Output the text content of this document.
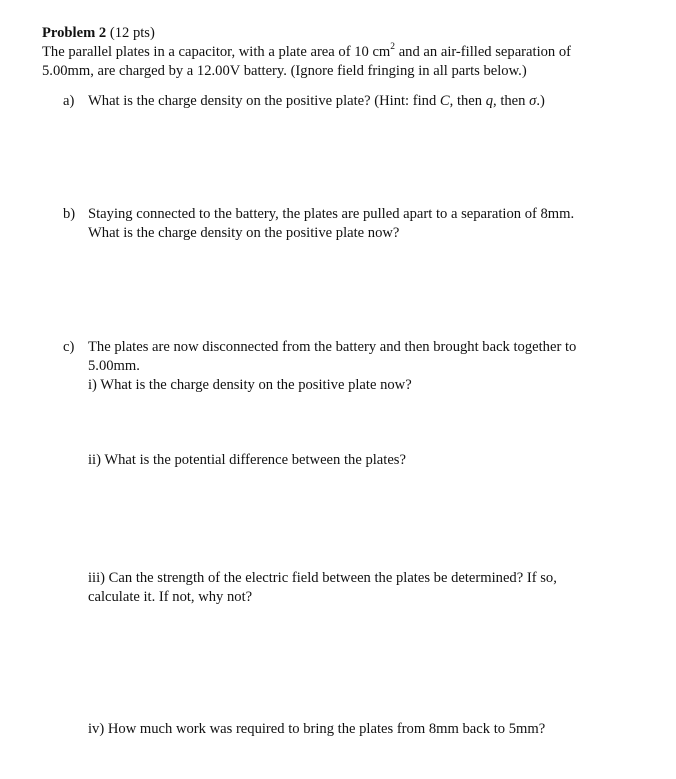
Problem 2 (12 pts)
The parallel plates in a capacitor, with a plate area of 10 $cm^2$ and an air-filled separation of
5.00mm, are charged by a 12.00V battery. (Ignore field fringing in all parts below.)
a) What is the charge density on the positive plate? (Hint: find C, then q, then σ.)
b) Staying connected to the battery, the plates are pulled apart to a separation of 8mm.
What is the charge density on the positive plate now?
c) The plates are now disconnected from the battery and then brought back together to
5.00mm.
i) What is the charge density on the positive plate now?
ii) What is the potential difference between the plates?
iii) Can the strength of the electric field between the plates be determined? If so,
calculate it. If not, why not?
iv) How much work was required to bring the plates from 8mm back to 5mm?
